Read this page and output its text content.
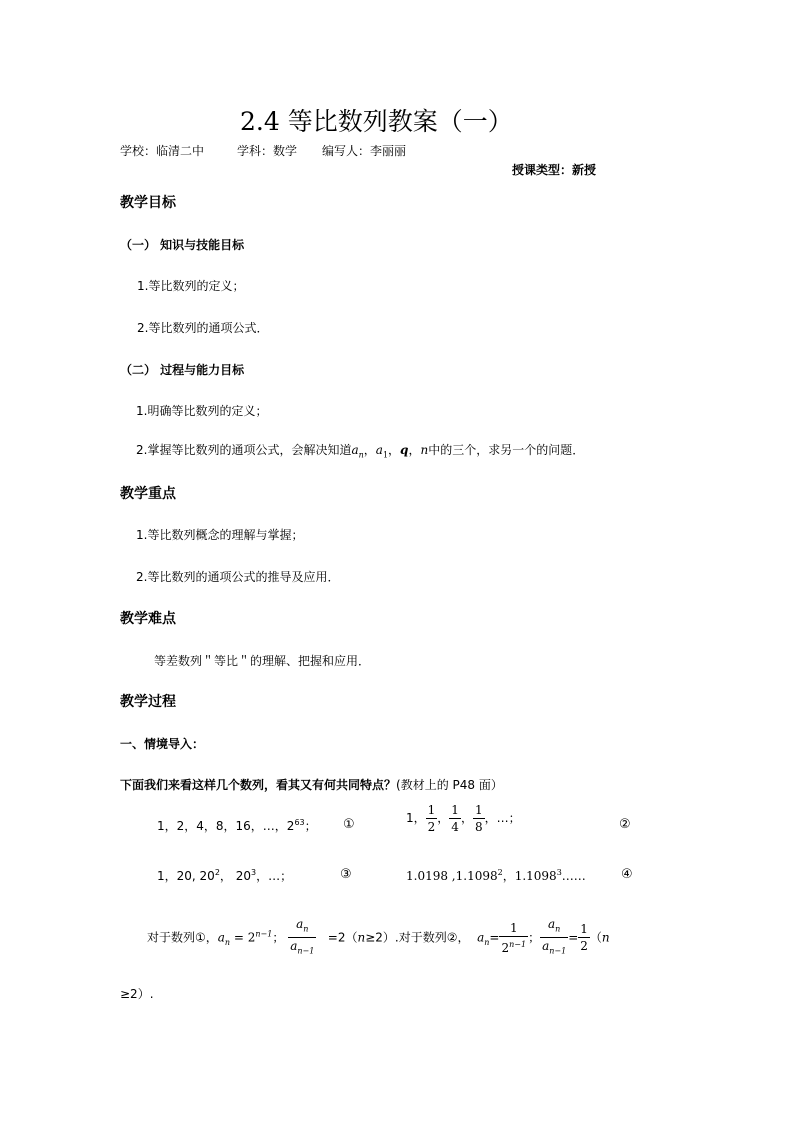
2.4 等比数列教案（一）
学校：临清二中	学科：数学 编写人：李丽丽
授课类型：新授
教学目标
（一） 知识与技能目标
1.等比数列的定义；
2.等比数列的通项公式．
（二） 过程与能力目标
1.明确等比数列的定义；
2.掌握等比数列的通项公式，会解决知道$a_n$，$a_1$，q，n中的三个，求另一个的问题．
教学重点
1.等比数列概念的理解与掌握；
2.等比数列的通项公式的推导及应用．
教学难点
等差数列＂等比＂的理解、把握和应用．
教学过程
一、情境导入：
下面我们来看这样几个数列，看其又有何共同特点？(教材上的 P48 面）
1，2，4，8，16，…，$2^{63}$； ①	1， $\frac{1}{2}$ ， $\frac{1}{4}$ ， $\frac{1}{8}$ ，…；	②
1，20, $20^2$， $20^3$，…；	③	1.0198 ,1.1098$^2$，1.1098$^3$……	④
对于数列①，$a_n = 2^{n-1}$； $\frac{a_n}{a_{n-1}} =2(n\ge 2)$.对于数列②， $a_n= \frac{1}{2^{n-1}}$ ； $\frac{a_n}{a_{n-1}} = \frac{1}{2} (n$
≥2）.
